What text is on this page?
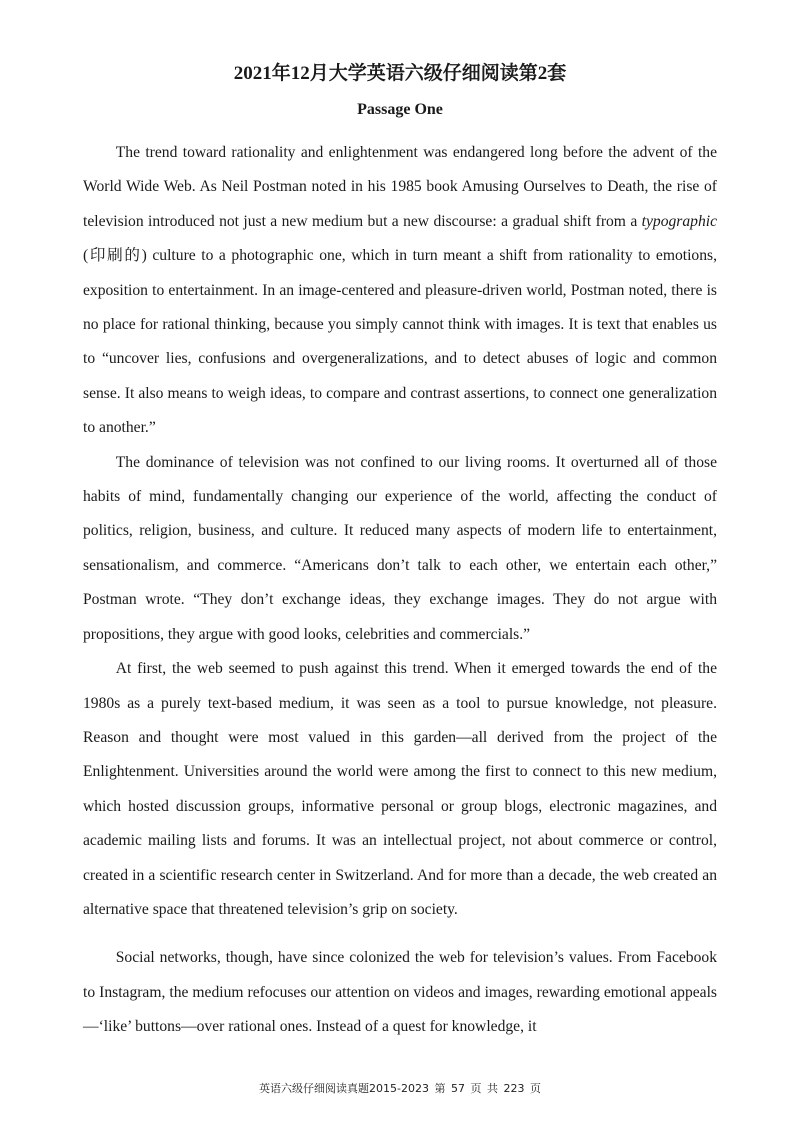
2021年12月大学英语六级仔细阅读第2套
Passage One

The trend toward rationality and enlightenment was endangered long before the advent of the World Wide Web. As Neil Postman noted in his 1985 book Amusing Ourselves to Death, the rise of television introduced not just a new medium but a new discourse: a gradual shift from a typographic (印刷的) culture to a photographic one, which in turn meant a shift from rationality to emotions, exposition to entertainment. In an image-centered and pleasure-driven world, Postman noted, there is no place for rational thinking, because you simply cannot think with images. It is text that enables us to “uncover lies, confusions and overgeneralizations, and to detect abuses of logic and common sense. It also means to weigh ideas, to compare and contrast assertions, to connect one generalization to another.”

The dominance of television was not confined to our living rooms. It overturned all of those habits of mind, fundamentally changing our experience of the world, affecting the conduct of politics, religion, business, and culture. It reduced many aspects of modern life to entertainment, sensationalism, and commerce. “Americans don’t talk to each other, we entertain each other,” Postman wrote. “They don’t exchange ideas, they exchange images. They do not argue with propositions, they argue with good looks, celebrities and commercials.”

At first, the web seemed to push against this trend. When it emerged towards the end of the 1980s as a purely text-based medium, it was seen as a tool to pursue knowledge, not pleasure. Reason and thought were most valued in this garden—all derived from the project of the Enlightenment. Universities around the world were among the first to connect to this new medium, which hosted discussion groups, informative personal or group blogs, electronic magazines, and academic mailing lists and forums. It was an intellectual project, not about commerce or control, created in a scientific research center in Switzerland. And for more than a decade, the web created an alternative space that threatened television’s grip on society.

Social networks, though, have since colonized the web for television’s values. From Facebook to Instagram, the medium refocuses our attention on videos and images, rewarding emotional appeals—‘like’ buttons—over rational ones. Instead of a quest for knowledge, it

英语六级仔细阅读真题2015-2023 第 57 页 共 223 页
